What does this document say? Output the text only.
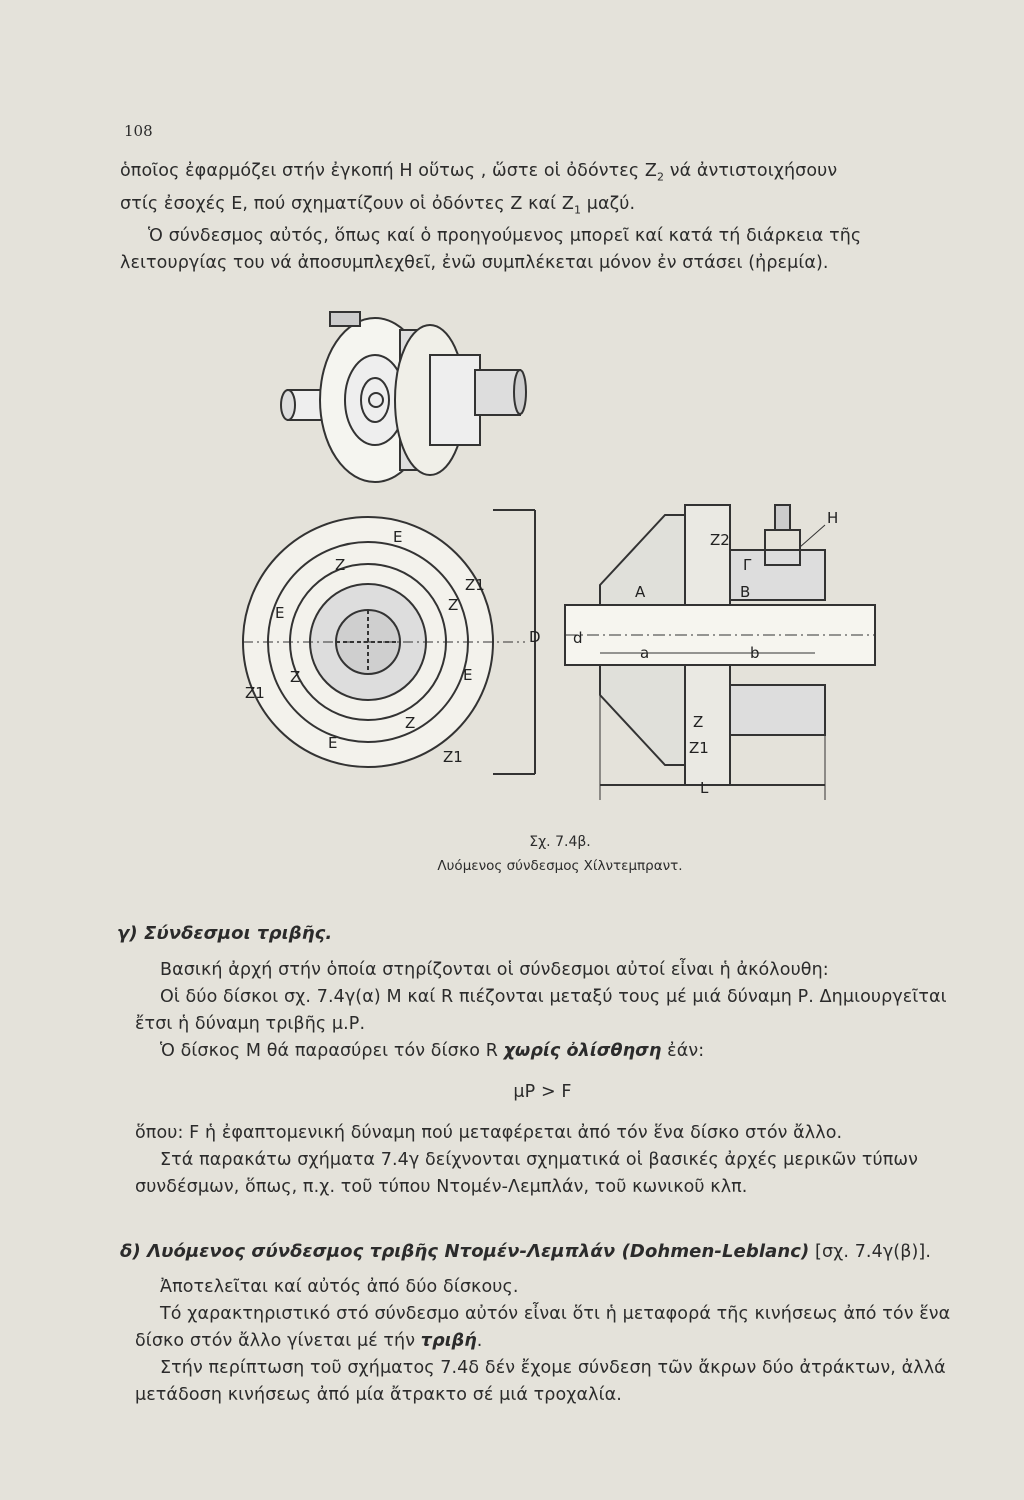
108

ὁποῖος ἐφαρμόζει στήν ἐγκοπή Η οὕτως , ὥστε οἱ ὀδόντες $Z_2$ νά ἀντιστοιχήσουν

στίς ἐσοχές Ε, πού σχηματίζουν οἱ ὀδόντες Ζ καί $Z_1$ μαζύ.

Ὁ σύνδεσμος αὐτός, ὅπως καί ὁ προηγούμενος μπορεῖ καί κατά τή διάρκεια τῆς λειτουργίας του νά ἀποσυμπλεχθεῖ, ἐνῶ συμπλέκεται μόνον ἐν στάσει (ἠρεμία).

E
Z
Z1
Z
E
Z	E
Z1
Z
E
Z1
D
Z2
H
Γ
A	B
d
a	b
Z
Z1
L
Σχ. 7.4β.
Λυόμενος σύνδεσμος Χίλντεμπραντ.

γ) Σύνδεσμοι τριβῆς.

Βασική ἀρχή στήν ὁποία στηρίζονται οἱ σύνδεσμοι αὐτοί εἶναι ἡ ἀκόλουθη:

Οἱ δύο δίσκοι σχ. 7.4γ(α) Μ καί R πιέζονται μεταξύ τους μέ μιά δύναμη Ρ. Δημιουργεῖται ἔτσι ἡ δύναμη τριβῆς μ.Ρ.

Ὁ δίσκος Μ θά παρασύρει τόν δίσκο R χωρίς ὀλίσθηση ἐάν:

μΡ > F

ὅπου: F ἡ ἐφαπτομενική δύναμη πού μεταφέρεται ἀπό τόν ἕνα δίσκο στόν ἄλλο.

Στά παρακάτω σχήματα 7.4γ δείχνονται σχηματικά οἱ βασικές ἀρχές μερικῶν τύπων συνδέσμων, ὅπως, π.χ. τοῦ τύπου Ντομέν-Λεμπλάν, τοῦ κωνικοῦ κλπ.

δ) Λυόμενος σύνδεσμος τριβῆς Ντομέν-Λεμπλάν (Dohmen-Leblanc) [σχ. 7.4γ(β)].

Ἀποτελεῖται καί αὐτός ἀπό δύο δίσκους.

Τό χαρακτηριστικό στό σύνδεσμο αὐτόν εἶναι ὅτι ἡ μεταφορά τῆς κινήσεως ἀπό τόν ἕνα δίσκο στόν ἄλλο γίνεται μέ τήν τριβή.

Στήν περίπτωση τοῦ σχήματος 7.4δ δέν ἔχομε σύνδεση τῶν ἄκρων δύο ἀτράκτων, ἀλλά μετάδοση κινήσεως ἀπό μία ἄτρακτο σέ μιά τροχαλία.
